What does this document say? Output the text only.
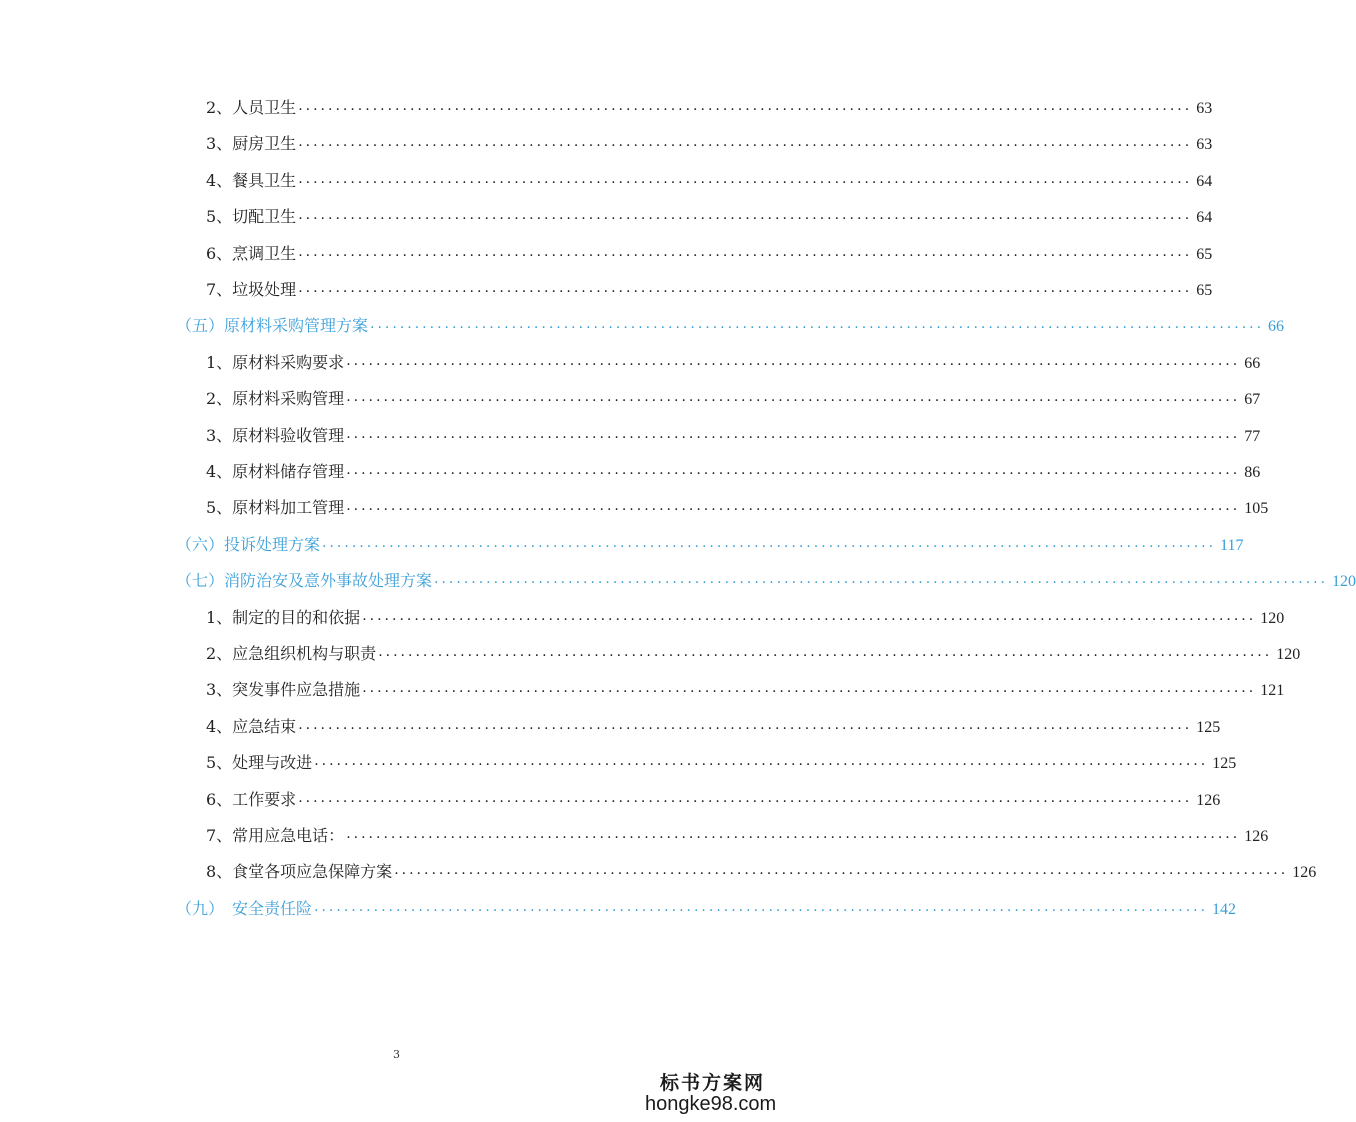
2、人员卫生 ........................................................................................................................ 63
3、厨房卫生 ........................................................................................................................ 63
4、餐具卫生 ........................................................................................................................ 64
5、切配卫生 ........................................................................................................................ 64
6、烹调卫生 ........................................................................................................................ 65
7、垃圾处理 ........................................................................................................................ 65
（五）原材料采购管理方案 ........................................................................................................................ 66
1、原材料采购要求 ........................................................................................................................ 66
2、原材料采购管理 ........................................................................................................................ 67
3、原材料验收管理 ........................................................................................................................ 77
4、原材料储存管理 ........................................................................................................................ 86
5、原材料加工管理 ........................................................................................................................ 105
（六）投诉处理方案 ........................................................................................................................ 117
（七）消防治安及意外事故处理方案 ........................................................................................................................ 120
1、制定的目的和依据 ........................................................................................................................ 120
2、应急组织机构与职责 ........................................................................................................................ 120
3、突发事件应急措施 ........................................................................................................................ 121
4、应急结束 ........................................................................................................................ 125
5、处理与改进 ........................................................................................................................ 125
6、工作要求 ........................................................................................................................ 126
7、常用应急电话： ........................................................................................................................ 126
8、食堂各项应急保障方案 ........................................................................................................................ 126
（九）　安全责任险 ........................................................................................................................ 142
3
标书方案网
hongke98.com
